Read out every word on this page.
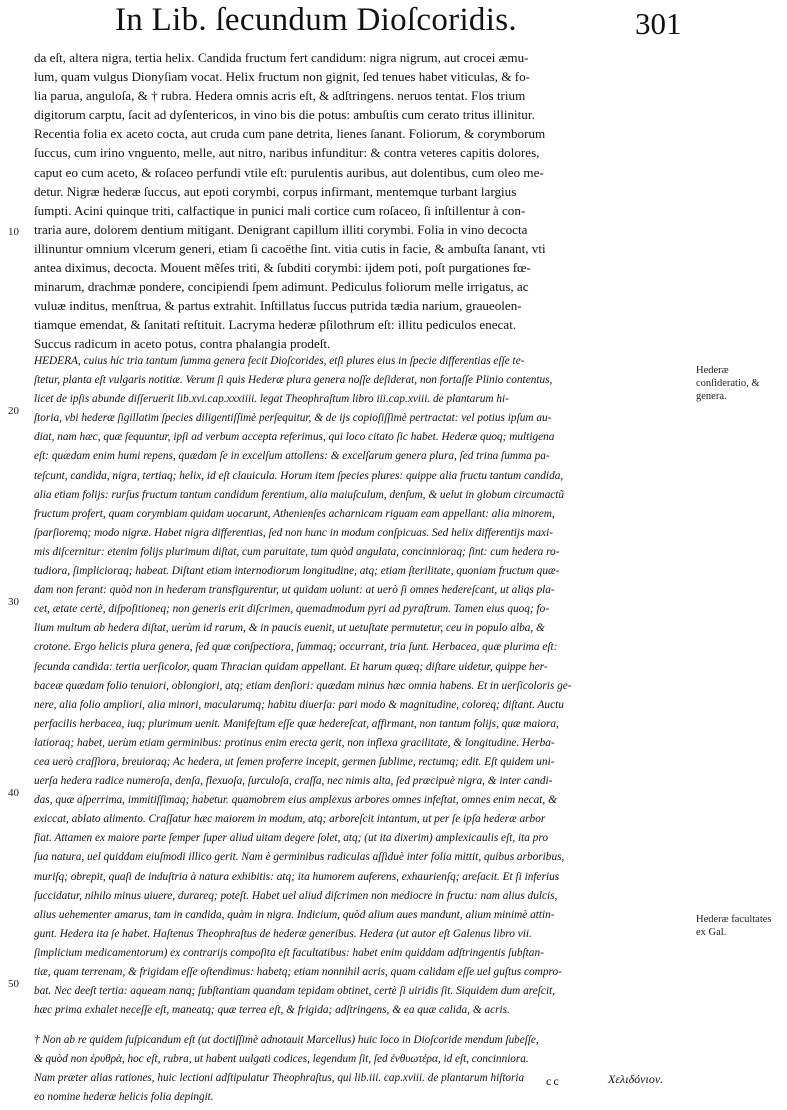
In Lib. ſecundum Dioſcoridis.	301
da eſt, altera nigra, tertia helix. Candida fructum fert candidum: nigra nigrum, aut crocei æmu-
lum, quam vulgus Dionyſiam vocat. Helix fructum non gignit, ſed tenues habet viticulas, & fo-
lia parua, anguloſa, & † rubra. Hedera omnis acris eſt, & adſtringens. neruos tentat. Flos trium
digitorum carptu, ſacit ad dyſentericos, in vino bis die potus: ambuſtis cum cerato tritus illinitur.
Recentia folia ex aceto cocta, aut cruda cum pane detrita, lienes ſanant. Foliorum, & corymborum
ſuccus, cum irino vnguento, melle, aut nitro, naribus infunditur: & contra veteres capitis dolores,
caput eo cum aceto, & roſaceo perfundi vtile eſt: purulentis auribus, aut dolentibus, cum oleo me-
detur. Nigræ hederæ ſuccus, aut epoti corymbi, corpus infirmant, mentemque turbant largius
ſumpti. Acini quinque triti, calfactique in punici mali cortice cum roſaceo, ſi inſtillentur à con-
traria aure, dolorem dentium mitigant. Denigrant capillum illiti corymbi. Folia in vino decocta
illinuntur omnium vlcerum generi, etiam ſi cacoëthe ſint. vitia cutis in facie, & ambuſta ſanant, vti
antea diximus, decocta. Mouent mẽſes triti, & ſubditi corymbi: ijdem poti, poſt purgationes fœ-
minarum, drachmæ pondere, concipiendi ſpem adimunt. Pediculus foliorum melle irrigatus, ac
vuluæ inditus, menſtrua, & partus extrahit. Inſtillatus ſuccus putrida tædia narium, graueolen-
tiamque emendat, & ſanitati reſtituit. Lacryma hederæ pſilothrum eſt: illitu pediculos enecat.
Succus radicum in aceto potus, contra phalangia prodeſt.
HEDERA, cuius hic tria tantum ſumma genera fecit Dioſcorides, etſi plures eius in ſpecie differentias eſſe te-
ſtetur, planta eſt vulgaris notitiæ. Verum ſi quis Hederæ plura genera noſſe deſiderat, non fortaſſe Plinio contentus,
licet de ipſis abunde diſſeruerit lib.xvi.cap.xxxiiii. legat Theophraſtum libro iii.cap.xviii. de plantarum hi-
ſtoria, vbi hederæ ſigillatim ſpecies diligentiſſimè perſequitur, & de ijs copioſiſſimè pertractat: vel potius ipſum au-
diat, nam hæc, quæ ſequuntur, ipſi ad verbum accepta referimus, qui loco citato ſic habet. Hederæ quoq; multigena
eſt: quædam enim humi repens, quædam ſe in excelſum attollens: & excelſarum genera plura, ſed trina ſumma pa-
teſcunt, candida, nigra, tertiaq; helix, id eſt clauicula. Horum item ſpecies plures: quippe alia fructu tantum candida,
alia etiam folijs: rurſus fructum tantum candidum ferentium, alia maiuſculum, denſum, & uelut in globum circumactũ
fructum profert, quam corymbiam quidam uocarunt, Athenienſes acharnicam riguam eam appellant: alia minorem,
ſparſioremq; modo nigræ. Habet nigra differentias, ſed non hunc in modum conſpicuas. Sed helix differentijs maxi-
mis diſcernitur: etenim folijs plurimum diſtat, cum paruitate, tum quòd angulata, concinnioraq; ſint: cum hedera ro-
tudiora, ſimplicioraq; habeat. Diſtant etiam internodiorum longitudine, atq; etiam ſterilitate, quoniam fructum quæ-
dam non ferant: quòd non in hederam transfigurentur, ut quidam uolunt: at uerò ſi omnes hedereſcant, ut aliqs pla-
cet, ætate certè, diſpoſitioneq; non generis erit diſcrimen, quemadmodum pyri ad pyraſtrum. Tamen eius quoq; fo-
lium multum ab hedera diſtat, uerùm id rarum, & in paucis euenit, ut uetuſtate permutetur, ceu in populo alba, &
crotone. Ergo helicis plura genera, ſed quæ conſpectiora, ſummaq; occurrant, tria ſunt. Herbacea, quæ plurima eſt:
ſecunda candida: tertia uerſicolor, quam Thracian quidam appellant. Et harum quæq; diſtare uidetur, quippe her-
baceæ quædam folio tenuiori, oblongiori, atq; etiam denſiori: quædam minus hæc omnia habens. Et in uerſicoloris ge-
nere, alia folio ampliori, alia minori, macularumq; habitu diuerſa: pari modo & magnitudine, coloreq; diſtant. Auctu
perfacilis herbacea, iuq; plurimum uenit. Manifeſtum eſſe quæ hedereſcat, affirmant, non tantum folijs, quæ maiora,
latioraq; habet, uerùm etiam germinibus: protinus enim erecta gerit, non inflexa gracilitate, & longitudine. Herba-
cea uerò craſſiora, breuioraq; Ac hedera, ut ſemen proferre incepit, germen ſublime, rectumq; edit. Eſt quidem uni-
uerſa hedera radice numeroſa, denſa, flexuoſa, ſurculoſa, craſſa, nec nimis alta, ſed præcipuè nigra, & inter candi-
das, quæ aſperrima, immitiſſimaq; habetur. quamobrem eius amplexus arbores omnes infeſtat, omnes enim necat, &
exiccat, ablato alimento. Craſſatur hæc maiorem in modum, atq; arboreſcit intantum, ut per ſe ipſa hederæ arbor
fiat. Attamen ex maiore parte ſemper ſuper aliud uitam degere ſolet, atq; (ut ita dixerim) amplexicaulis eſt, ita pro
ſua natura, uel quiddam eiuſmodi illico gerit. Nam è germinibus radiculas aſſiduè inter folia mittit, quibus arboribus,
muriſq; obrepit, quaſi de induſtria à natura exhibitis: atq; ita humorem auferens, exhaurienſq; areſacit. Et ſi inferius
ſuccidatur, nihilo minus uiuere, durareq; poteſt. Habet uel aliud diſcrimen non mediocre in fructu: nam alius dulcis,
alius uehementer amarus, tam in candida, quàm in nigra. Indicium, quòd alium aues mandunt, alium minimè attin-
gunt. Hedera ita ſe habet. Haſtenus Theophraſtus de hederæ generibus. Hedera (ut autor eſt Galenus libro vii.
ſimplicium medicamentorum) ex contrarijs compoſita eſt facultatibus: habet enim quiddam adſtringentis ſubſtan-
tiæ, quam terrenam, & frigidam eſſe oſtendimus: habetq; etiam nonnihil acris, quam calidam eſſe uel guſtus compro-
bat. Nec deeſt tertia: aqueam nanq; ſubſtantiam quandam tepidam obtinet, certè ſi uiridis ſit. Siquidem dum areſcit,
hæc prima exhalet neceſſe eſt, maneatq; quæ terrea eſt, & frigida; adſtringens, & ea quæ calida, & acris.
† Non ab re quidem ſuſpicandum eſt (ut doctiſſimè adnotauit Marcellus) huic loco in Dioſcoride mendum ſubeſſe,
& quòd non ἐρυθρὰ, hoc eſt, rubra, ut habent uulgati codices, legendum ſit, ſed ἐνθυωτέρα, id eſt, concinniora.
Nam præter alias rationes, huic lectioni adſtipulatur Theophraſtus, qui lib.iii. cap.xviii. de plantarum hiſtoria
eo nomine hederæ helicis folia depingit.
10
20
30
40
50
Hederæ conſideratio, & genera.
Hederæ facultates ex Gal.
cc	Χελιδόνιον.
